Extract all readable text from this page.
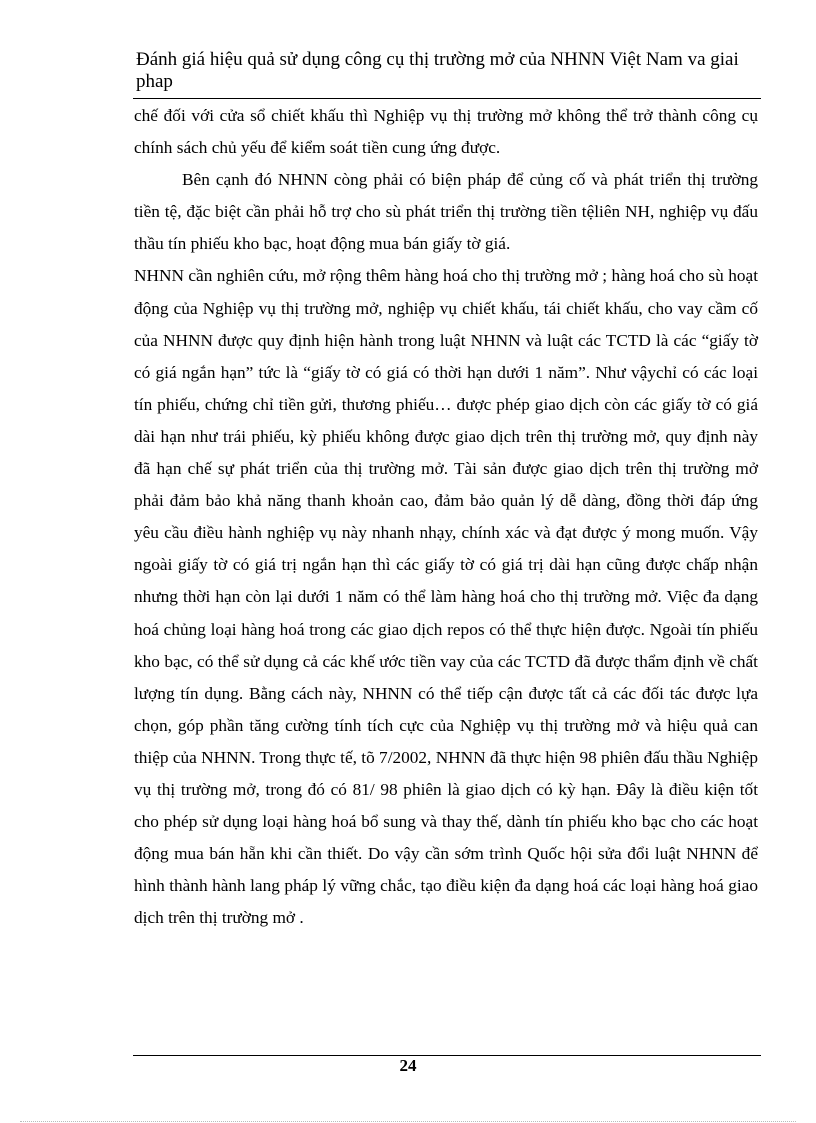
Đánh giá hiệu quả sử dụng công cụ thị trường mở của NHNN Việt Nam va giai phap

chế đối với cửa sổ chiết khấu thì Nghiệp vụ thị trường mở không thể trở thành công cụ chính sách chủ yếu để kiểm soát tiền cung ứng được.

Bên cạnh đó NHNN còng phải có biện pháp để củng cố và phát triển thị trường tiền tệ, đặc biệt cần phải hỗ trợ cho sù phát triển thị trường tiền tệliên NH, nghiệp vụ đấu thầu tín phiếu kho bạc, hoạt động mua bán giấy tờ giá.

NHNN cần nghiên cứu, mở rộng thêm hàng hoá cho thị trường mở ; hàng hoá cho sù hoạt động của Nghiệp vụ thị trường mở, nghiệp vụ chiết khấu, tái chiết khấu, cho vay cầm cố của NHNN được quy định hiện hành trong luật NHNN và luật các TCTD là các “giấy tờ có giá ngắn hạn” tức là “giấy tờ có giá có thời hạn dưới 1 năm”. Như vậychỉ có các loại tín phiếu, chứng chỉ tiền gửi, thương phiếu… được phép giao dịch còn các giấy tờ có giá dài hạn như trái phiếu, kỳ phiếu không được giao dịch trên thị trường mở, quy định này đã hạn chế sự phát triển của thị trường mở. Tài sản được giao dịch trên thị trường mở phải đảm bảo khả năng thanh khoản cao, đảm bảo quản lý dễ dàng, đồng thời đáp ứng yêu cầu điều hành nghiệp vụ này nhanh nhạy, chính xác và đạt được ý mong muốn. Vậy ngoài giấy tờ có giá trị ngắn hạn thì các giấy tờ có giá trị dài hạn cũng được chấp nhận nhưng thời hạn còn lại dưới 1 năm có thể làm hàng hoá cho thị trường mở. Việc đa dạng hoá chủng loại hàng hoá trong các giao dịch repos có thể thực hiện được. Ngoài tín phiếu kho bạc, có thể sử dụng cả các khế ước tiền vay của các TCTD đã được thẩm định về chất lượng tín dụng. Bằng cách này, NHNN có thể tiếp cận được tất cả các đối tác được lựa chọn, góp phần tăng cường tính tích cực của Nghiệp vụ thị trường mở và hiệu quả can thiệp của NHNN. Trong thực tế, tõ 7/2002, NHNN đã thực hiện 98 phiên đấu thầu Nghiệp vụ thị trường mở, trong đó có 81/ 98 phiên là giao dịch có kỳ hạn. Đây là điều kiện tốt cho phép sử dụng loại hàng hoá bổ sung và thay thế, dành tín phiếu kho bạc cho các hoạt động mua bán hẵn khi cần thiết. Do vậy cần sớm trình Quốc hội sửa đổi luật NHNN để hình thành hành lang pháp lý vững chắc, tạo điều kiện đa dạng hoá các loại hàng hoá giao dịch trên thị trường mở .

24
